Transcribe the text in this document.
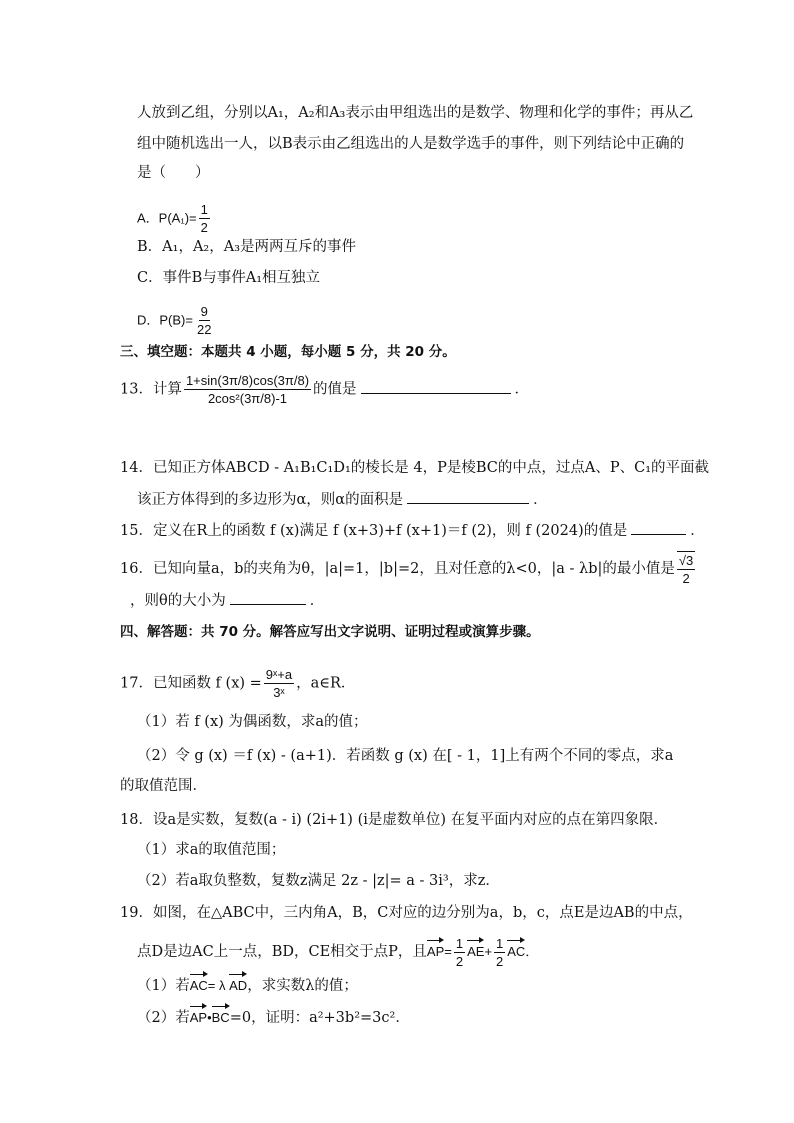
人放到乙组，分别以A₁，A₂和A₃表示由甲组选出的是数学、物理和化学的事件；再从乙
组中随机选出一人，以B表示由乙组选出的人是数学选手的事件，则下列结论中正确的
是（　　）
A．$P(A_1)= \frac{1}{2}$
B．A₁，A₂，A₃是两两互斥的事件
C．事件B与事件A₁相互独立
D．$P(B)= \frac{9}{22}$
三、填空题：本题共 4 小题，每小题 5 分，共 20 分。
13．计算 $\frac{1+\sin(3\pi/8)\cos(3\pi/8)}{\text{2cos²(3π/8)-1}}$ 的值是	．
14．已知正方体ABCD - A₁B₁C₁D₁的棱长是 4，P是棱BC的中点，过点A、P、C₁的平面截
该正方体得到的多边形为α，则α的面积是	．
15．定义在R上的函数 f (x)满足 f (x+3)+f (x+1)＝f (2)，则 f (2024)的值是	．
16．已知向量a，b的夹角为θ，|a|=1，|b|=2，且对任意的λ<0，|a - λb|的最小值是 $\frac{√3}{2}$
，则θ的大小为	．
四、解答题：共 70 分。解答应写出文字说明、证明过程或演算步骤。
17．已知函数 f $(x) = \frac{\text{9ˣ+a}}{\text{3ˣ}}$ ，a∈R．
（1）若 f (x) 为偶函数，求a的值；
（2）令 g (x) ＝f (x) - (a+1)．若函数 g (x) 在[ - 1，1]上有两个不同的零点，求a
的取值范围．
18．设a是实数，复数(a - i) (2i+1) (i是虚数单位) 在复平面内对应的点在第四象限．
（1）求a的取值范围；
（2）若a取负整数，复数z满足 2z - |z|= a - 3i³，求z．
19．如图，在△ABC中，三内角A，B，C对应的边分别为a，b，c，点E是边AB的中点，
点D是边AC上一点，BD，CE相交于点P，且$AP= \frac{1}{2} AE+ \frac{1}{2}$ AC．
（1）若AC= λ AD，求实数λ的值；
（2）若AP•BC=0，证明：a²+3b²=3c²．
